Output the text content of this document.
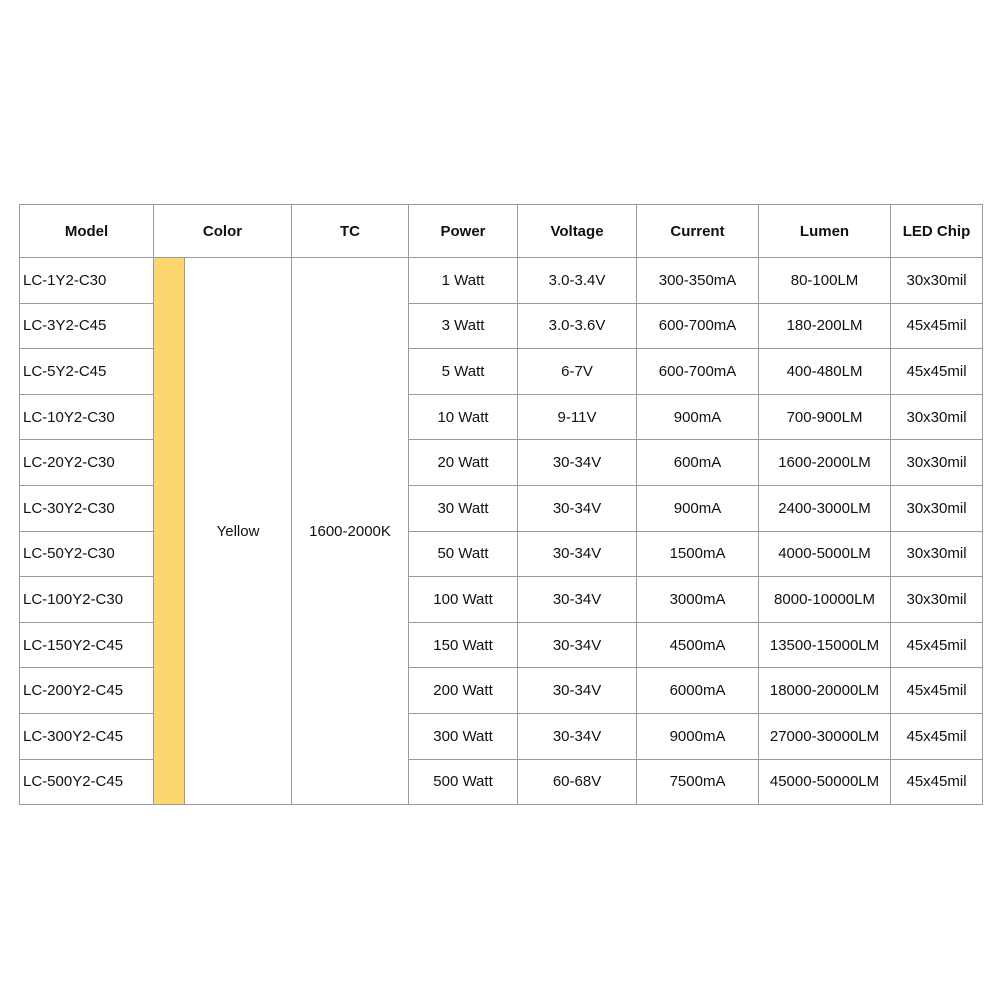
Model	Color		TC	Power	Voltage	Current	Lumen	LED Chip
LC-1Y2-C30		Yellow	1600-2000K	1 Watt	3.0-3.4V	300-350mA	80-100LM	30x30mil
LC-3Y2-C45				3 Watt	3.0-3.6V	600-700mA	180-200LM	45x45mil
LC-5Y2-C45				5 Watt	6-7V	600-700mA	400-480LM	45x45mil
LC-10Y2-C30				10 Watt	9-11V	900mA	700-900LM	30x30mil
LC-20Y2-C30				20 Watt	30-34V	600mA	1600-2000LM	30x30mil
LC-30Y2-C30				30 Watt	30-34V	900mA	2400-3000LM	30x30mil
LC-50Y2-C30				50 Watt	30-34V	1500mA	4000-5000LM	30x30mil
LC-100Y2-C30				100 Watt	30-34V	3000mA	8000-10000LM	30x30mil
LC-150Y2-C45				150 Watt	30-34V	4500mA	13500-15000LM	45x45mil
LC-200Y2-C45				200 Watt	30-34V	6000mA	18000-20000LM	45x45mil
LC-300Y2-C45				300 Watt	30-34V	9000mA	27000-30000LM	45x45mil
LC-500Y2-C45				500 Watt	60-68V	7500mA	45000-50000LM	45x45mil
